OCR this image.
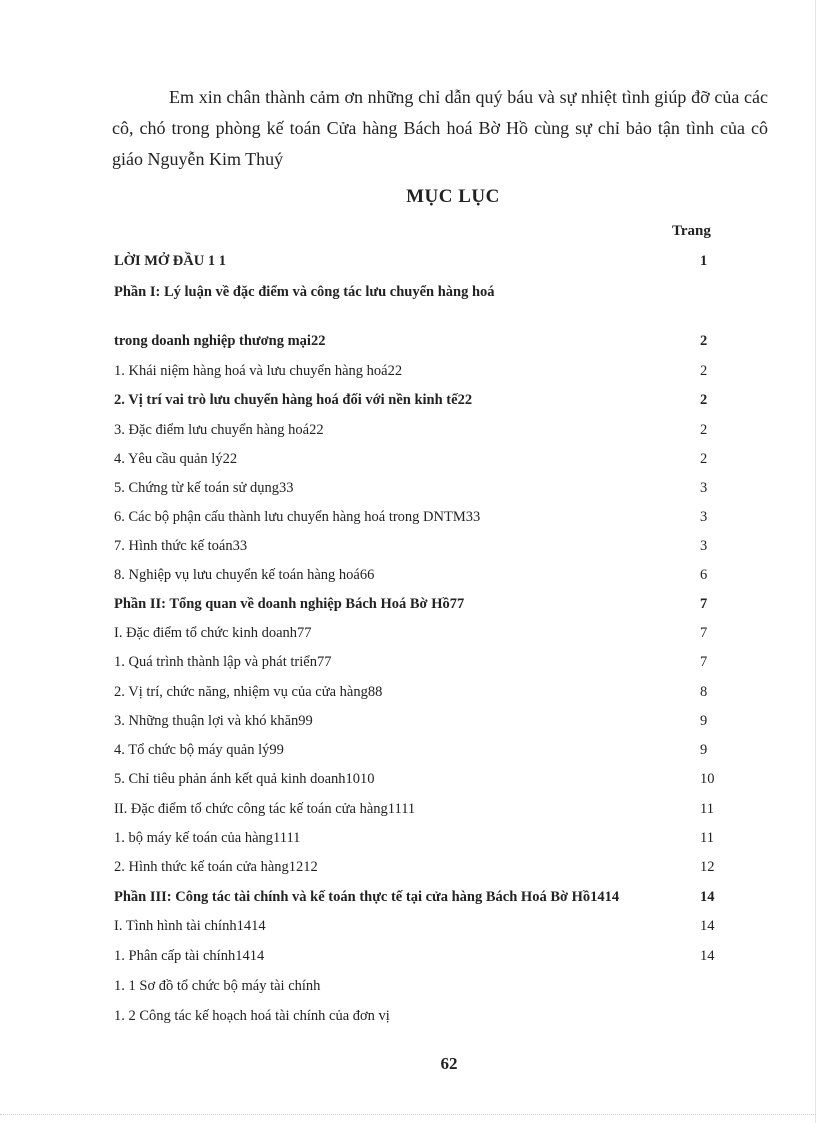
Em xin chân thành cảm ơn những chỉ dẫn quý báu và sự nhiệt tình giúp đỡ của các cô, chó trong phòng kế toán Cửa hàng Bách hoá Bờ Hồ cùng sự chỉ bảo tận tình của cô giáo Nguyễn Kim Thuý

MỤC LỤC
Trang
LỜI MỞ ĐẦU 1 1	1
Phần I: Lý luận về đặc điểm và công tác lưu chuyển hàng hoá
trong doanh nghiệp thương mại22	2
1. Khái niệm hàng hoá và lưu chuyển hàng hoá22	2
2. Vị trí vai trò lưu chuyển hàng hoá đối với nền kinh tế22	2
3. Đặc điểm lưu chuyển hàng hoá22	2
4. Yêu cầu quản lý22	2
5. Chứng từ kế toán sử dụng33	3
6. Các bộ phận cấu thành lưu chuyển hàng hoá trong DNTM33	3
7. Hình thức kế toán33	3
8. Nghiệp vụ lưu chuyển kế toán hàng hoá66	6
Phần II: Tổng quan về doanh nghiệp Bách Hoá Bờ Hồ77	7
I. Đặc điểm tổ chức kinh doanh77	7
1. Quá trình thành lập và phát triển77	7
2. Vị trí, chức năng, nhiệm vụ của cửa hàng88	8
3. Những thuận lợi và khó khăn99	9
4. Tổ chức bộ máy quản lý99	9
5. Chỉ tiêu phản ánh kết quả kinh doanh1010	10
II. Đặc điểm tổ chức công tác kế toán cửa hàng1111	11
1. bộ máy kế toán của hàng1111	11
2. Hình thức kế toán cửa hàng1212	12
Phần III: Công tác tài chính và kế toán thực tế tại cửa hàng Bách Hoá Bờ Hồ1414	14
I. Tình hình tài chính1414	14
1. Phân cấp tài chính1414	14
1. 1 Sơ đồ tổ chức bộ máy tài chính
1. 2 Công tác kế hoạch hoá tài chính của đơn vị
62
